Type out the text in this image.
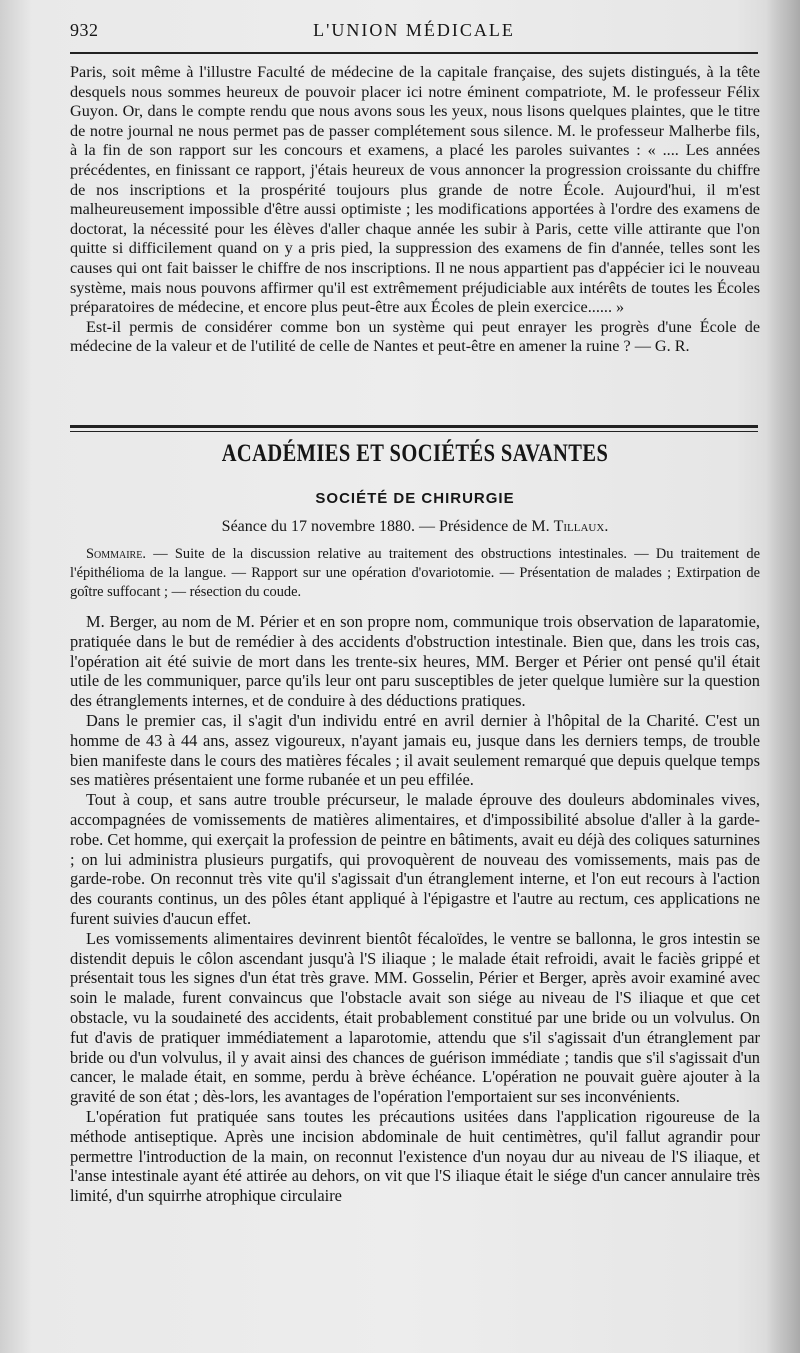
932	L'UNION MÉDICALE

Paris, soit même à l'illustre Faculté de médecine de la capitale française, des sujets distingués, à la tête desquels nous sommes heureux de pouvoir placer ici notre éminent compatriote, M. le professeur Félix Guyon. Or, dans le compte rendu que nous avons sous les yeux, nous lisons quelques plaintes, que le titre de notre journal ne nous permet pas de passer complétement sous silence. M. le professeur Malherbe fils, à la fin de son rapport sur les concours et examens, a placé les paroles suivantes : « .... Les années précédentes, en finissant ce rapport, j'étais heureux de vous annoncer la progression croissante du chiffre de nos inscriptions et la prospérité toujours plus grande de notre École. Aujourd'hui, il m'est malheureusement impossible d'être aussi optimiste ; les modifications apportées à l'ordre des examens de doctorat, la nécessité pour les élèves d'aller chaque année les subir à Paris, cette ville attirante que l'on quitte si difficilement quand on y a pris pied, la suppression des examens de fin d'année, telles sont les causes qui ont fait baisser le chiffre de nos inscriptions. Il ne nous appartient pas d'appécier ici le nouveau système, mais nous pouvons affirmer qu'il est extrêmement préjudiciable aux intérêts de toutes les Écoles préparatoires de médecine, et encore plus peut-être aux Écoles de plein exercice...... »

Est-il permis de considérer comme bon un système qui peut enrayer les progrès d'une École de médecine de la valeur et de l'utilité de celle de Nantes et peut-être en amener la ruine ? — G. R.

ACADÉMIES ET SOCIÉTÉS SAVANTES
SOCIÉTÉ DE CHIRURGIE
Séance du 17 novembre 1880. — Présidence de M. Tillaux.

Sommaire. — Suite de la discussion relative au traitement des obstructions intestinales. — Du traitement de l'épithélioma de la langue. — Rapport sur une opération d'ovariotomie. — Présentation de malades ; Extirpation de goître suffocant ; — résection du coude.

M. Berger, au nom de M. Périer et en son propre nom, communique trois observation de laparatomie, pratiquée dans le but de remédier à des accidents d'obstruction intestinale. Bien que, dans les trois cas, l'opération ait été suivie de mort dans les trente-six heures, MM. Berger et Périer ont pensé qu'il était utile de les communiquer, parce qu'ils leur ont paru susceptibles de jeter quelque lumière sur la question des étranglements internes, et de conduire à des déductions pratiques.

Dans le premier cas, il s'agit d'un individu entré en avril dernier à l'hôpital de la Charité. C'est un homme de 43 à 44 ans, assez vigoureux, n'ayant jamais eu, jusque dans les derniers temps, de trouble bien manifeste dans le cours des matières fécales ; il avait seulement remarqué que depuis quelque temps ses matières présentaient une forme rubanée et un peu effilée.

Tout à coup, et sans autre trouble précurseur, le malade éprouve des douleurs abdominales vives, accompagnées de vomissements de matières alimentaires, et d'impossibilité absolue d'aller à la garde-robe. Cet homme, qui exerçait la profession de peintre en bâtiments, avait eu déjà des coliques saturnines ; on lui administra plusieurs purgatifs, qui provoquèrent de nouveau des vomissements, mais pas de garde-robe. On reconnut très vite qu'il s'agissait d'un étranglement interne, et l'on eut recours à l'action des courants continus, un des pôles étant appliqué à l'épigastre et l'autre au rectum, ces applications ne furent suivies d'aucun effet.

Les vomissements alimentaires devinrent bientôt fécaloïdes, le ventre se ballonna, le gros intestin se distendit depuis le côlon ascendant jusqu'à l'S iliaque ; le malade était refroidi, avait le faciès grippé et présentait tous les signes d'un état très grave. MM. Gosselin, Périer et Berger, après avoir examiné avec soin le malade, furent convaincus que l'obstacle avait son siége au niveau de l'S iliaque et que cet obstacle, vu la soudaineté des accidents, était probablement constitué par une bride ou un volvulus. On fut d'avis de pratiquer immédiatement a laparotomie, attendu que s'il s'agissait d'un étranglement par bride ou d'un volvulus, il y avait ainsi des chances de guérison immédiate ; tandis que s'il s'agissait d'un cancer, le malade était, en somme, perdu à brève échéance. L'opération ne pouvait guère ajouter à la gravité de son état ; dès-lors, les avantages de l'opération l'emportaient sur ses inconvénients.

L'opération fut pratiquée sans toutes les précautions usitées dans l'application rigoureuse de la méthode antiseptique. Après une incision abdominale de huit centimètres, qu'il fallut agrandir pour permettre l'introduction de la main, on reconnut l'existence d'un noyau dur au niveau de l'S iliaque, et l'anse intestinale ayant été attirée au dehors, on vit que l'S iliaque était le siége d'un cancer annulaire très limité, d'un squirrhe atrophique circulaire
